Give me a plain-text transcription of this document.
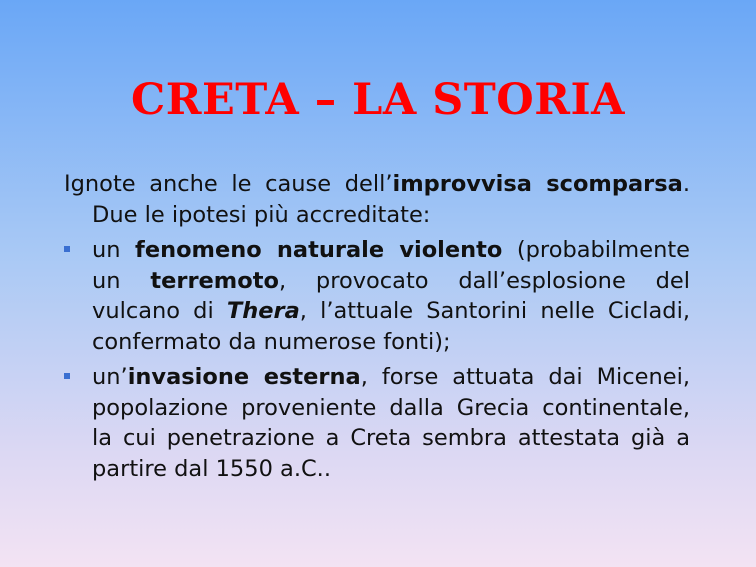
CRETA – LA STORIA

Ignote anche le cause dell’improvvisa scomparsa. Due le ipotesi più accreditate:

un fenomeno naturale violento (probabilmente un terremoto, provocato dall’esplosione del vulcano di Thera, l’attuale Santorini nelle Cicladi, confermato da numerose fonti);
un’invasione esterna, forse attuata dai Micenei, popolazione proveniente dalla Grecia continentale, la cui penetrazione a Creta sembra attestata già a partire dal 1550 a.C..
